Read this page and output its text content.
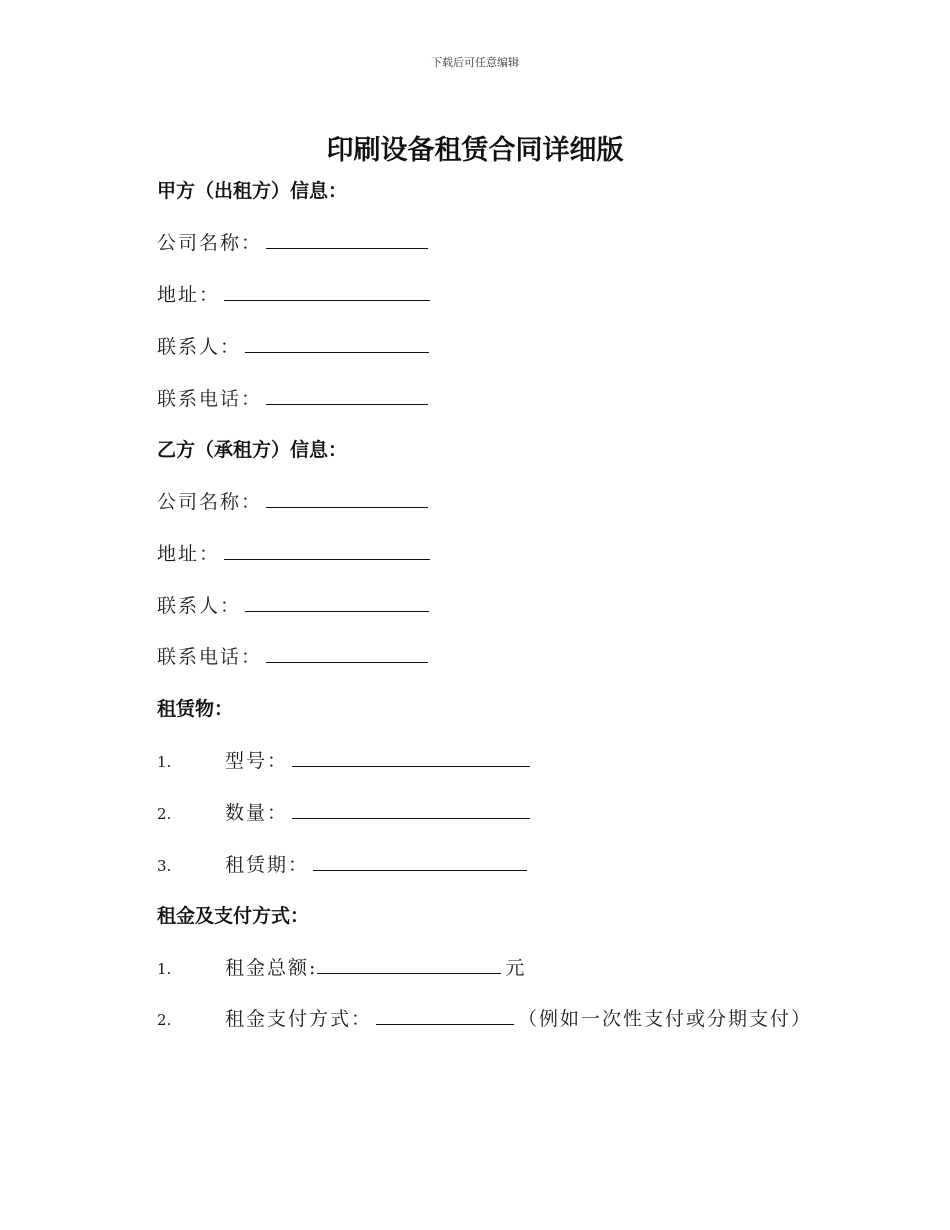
下载后可任意编辑
印刷设备租赁合同详细版
甲方（出租方）信息：
公司名称：
地址：
联系人：
联系电话：
乙方（承租方）信息：
公司名称：
地址：
联系人：
联系电话：
租赁物：
1.	型号：
2.	数量：
3.	租赁期：
租金及支付方式：
1.	租金总额:	元
2.	租金支付方式：	（例如一次性支付或分期支付）
